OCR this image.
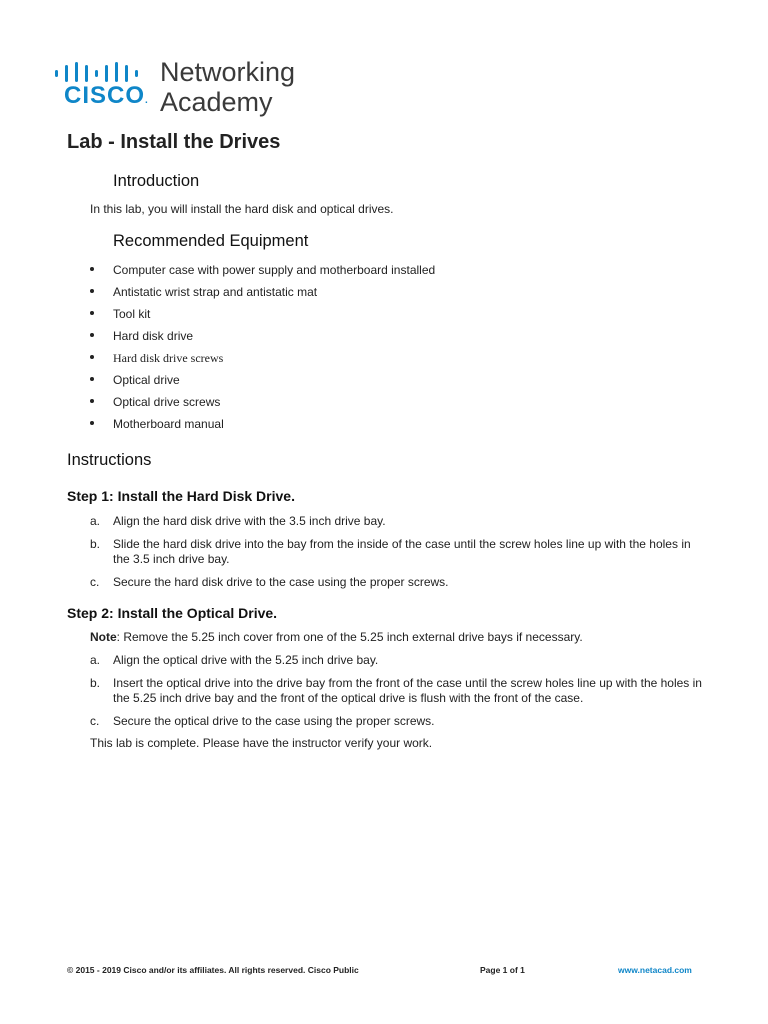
CISCO.
Networking
Academy
Lab - Install the Drives
Introduction
In this lab, you will install the hard disk and optical drives.
Recommended Equipment
Computer case with power supply and motherboard installed
Antistatic wrist strap and antistatic mat
Tool kit
Hard disk drive
Hard disk drive screws
Optical drive
Optical drive screws
Motherboard manual
Instructions
Step 1: Install the Hard Disk Drive.
a. Align the hard disk drive with the 3.5 inch drive bay.
b. Slide the hard disk drive into the bay from the inside of the case until the screw holes line up with the holes in the 3.5 inch drive bay.
c. Secure the hard disk drive to the case using the proper screws.
Step 2: Install the Optical Drive.
Note: Remove the 5.25 inch cover from one of the 5.25 inch external drive bays if necessary.
a. Align the optical drive with the 5.25 inch drive bay.
b. Insert the optical drive into the drive bay from the front of the case until the screw holes line up with the holes in the 5.25 inch drive bay and the front of the optical drive is flush with the front of the case.
c. Secure the optical drive to the case using the proper screws.
This lab is complete. Please have the instructor verify your work.
© 2015 - 2019 Cisco and/or its affiliates. All rights reserved. Cisco Public	Page 1 of 1	www.netacad.com
